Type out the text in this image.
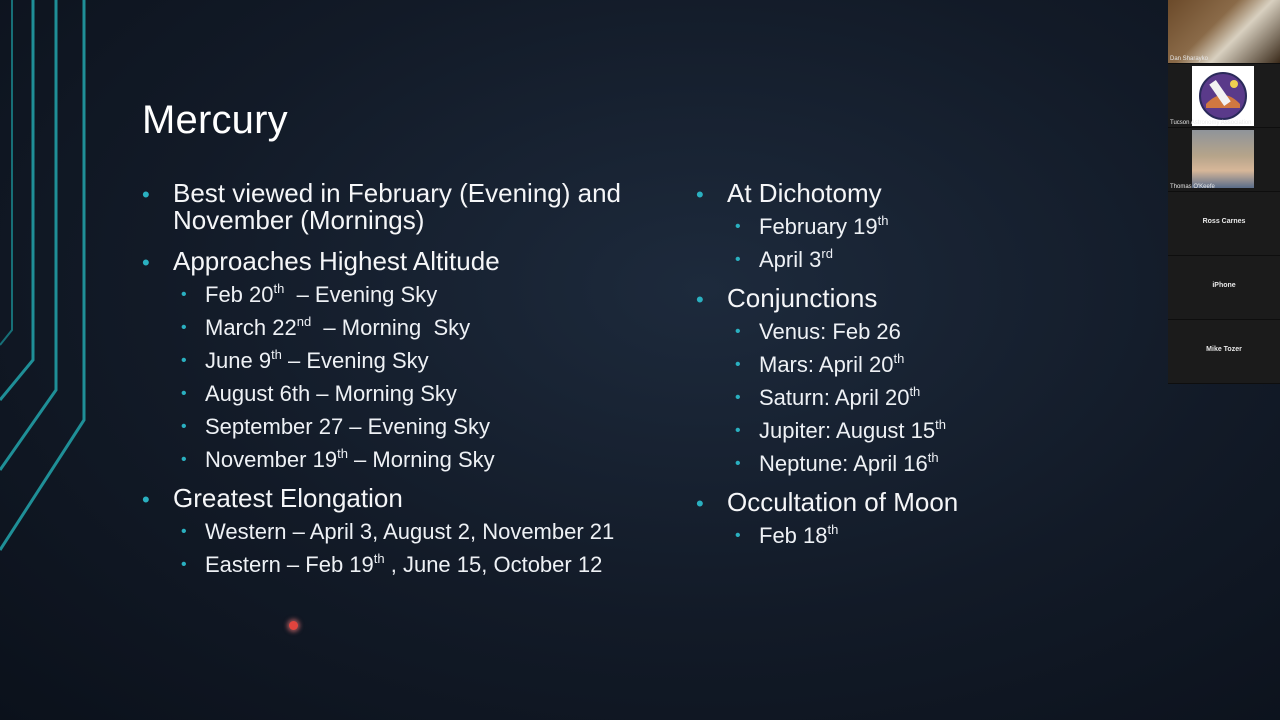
Mercury
• Best viewed in February (Evening) and November (Mornings)
• Approaches Highest Altitude
• Feb 20th  – Evening Sky
• March 22nd  – Morning  Sky
• June 9th – Evening Sky
• August 6th – Morning Sky
• September 27 – Evening Sky
• November 19th – Morning Sky
• Greatest Elongation
• Western – April 3, August 2, November 21
• Eastern – Feb 19th , June 15, October 12
• At Dichotomy
• February 19th
• April 3rd
• Conjunctions
• Venus: Feb 26
• Mars: April 20th
• Saturn: April 20th
• Jupiter: August 15th
• Neptune: April 16th
• Occultation of Moon
• Feb 18th
Dan Sharayko
Tucson Astronomy Association
Thomas O'Keefe
Ross Carnes
iPhone
Mike Tozer
